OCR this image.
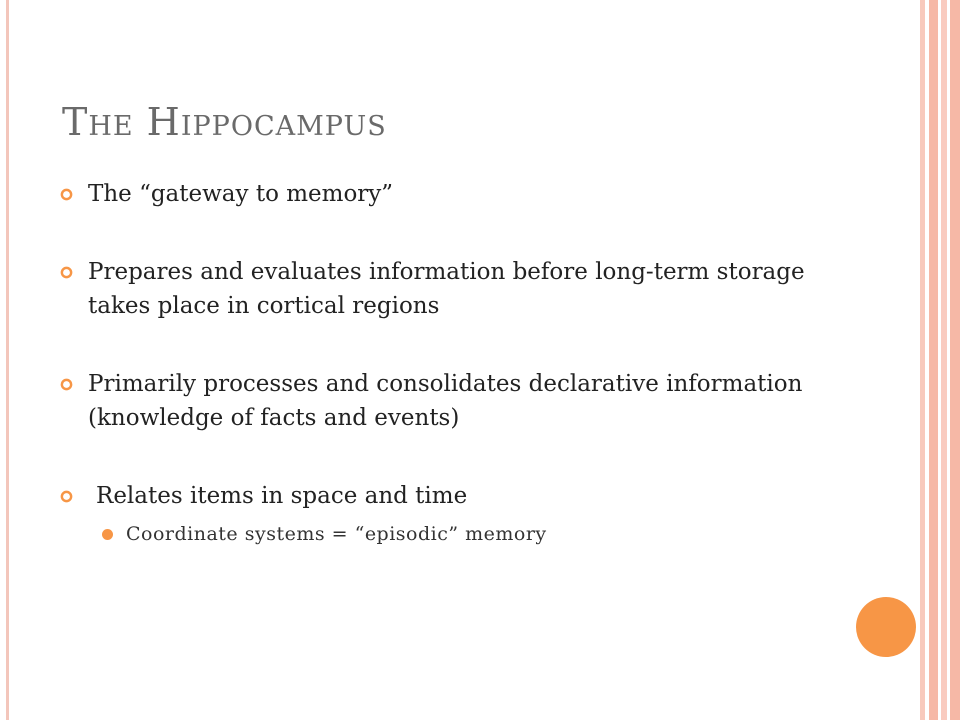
The Hippocampus
The “gateway to memory”
Prepares and evaluates information before long-term storage takes place in cortical regions
Primarily processes and consolidates declarative information (knowledge of facts and events)
Relates items in space and time
Coordinate systems = “episodic” memory
